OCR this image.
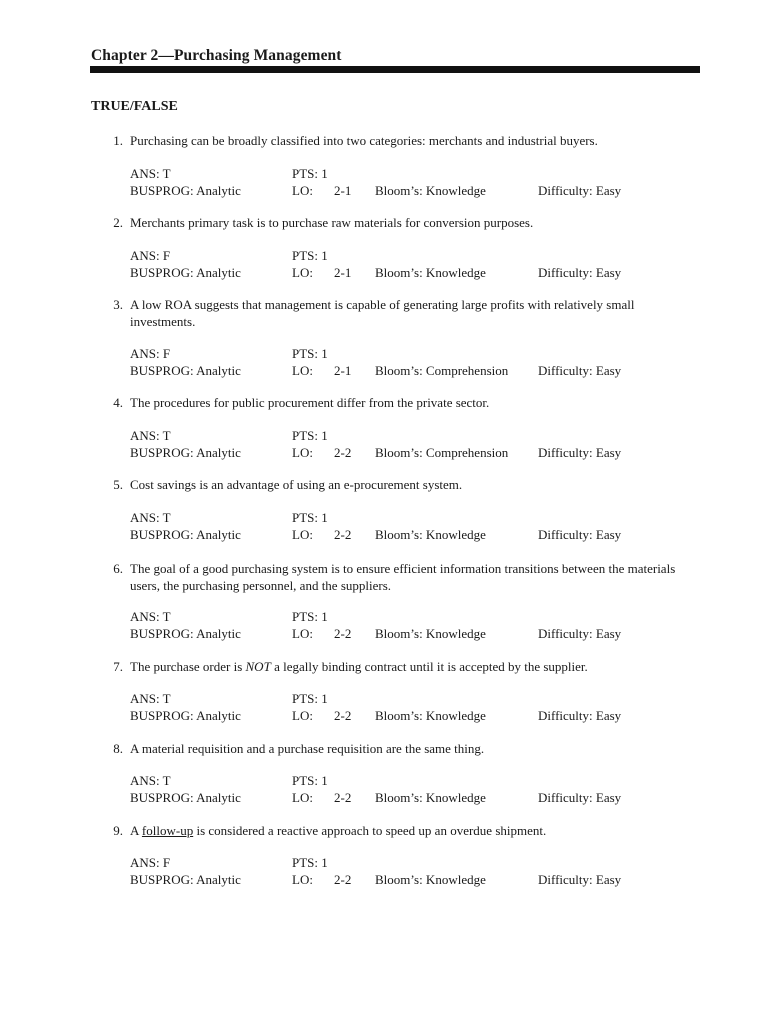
Chapter 2—Purchasing Management
TRUE/FALSE
1. Purchasing can be broadly classified into two categories: merchants and industrial buyers.
ANS: T	PTS: 1
BUSPROG: Analytic	LO: 2-1 Bloom’s: Knowledge	Difficulty: Easy
2. Merchants primary task is to purchase raw materials for conversion purposes.
ANS: F	PTS: 1
BUSPROG: Analytic	LO: 2-1 Bloom’s: Knowledge	Difficulty: Easy
3. A low ROA suggests that management is capable of generating large profits with relatively small investments.
ANS: F	PTS: 1
BUSPROG: Analytic	LO: 2-1 Bloom’s: Comprehension Difficulty: Easy
4. The procedures for public procurement differ from the private sector.
ANS: T	PTS: 1
BUSPROG: Analytic	LO: 2-2 Bloom’s: Comprehension Difficulty: Easy
5. Cost savings is an advantage of using an e-procurement system.
ANS: T	PTS: 1
BUSPROG: Analytic	LO: 2-2 Bloom’s: Knowledge	Difficulty: Easy
6. The goal of a good purchasing system is to ensure efficient information transitions between the materials users, the purchasing personnel, and the suppliers.
ANS: T	PTS: 1
BUSPROG: Analytic	LO: 2-2 Bloom’s: Knowledge	Difficulty: Easy
7. The purchase order is NOT a legally binding contract until it is accepted by the supplier.
ANS: T	PTS: 1
BUSPROG: Analytic	LO: 2-2 Bloom’s: Knowledge	Difficulty: Easy
8. A material requisition and a purchase requisition are the same thing.
ANS: T	PTS: 1
BUSPROG: Analytic	LO: 2-2 Bloom’s: Knowledge	Difficulty: Easy
9. A follow-up is considered a reactive approach to speed up an overdue shipment.
ANS: F	PTS: 1
BUSPROG: Analytic	LO: 2-2 Bloom’s: Knowledge	Difficulty: Easy
